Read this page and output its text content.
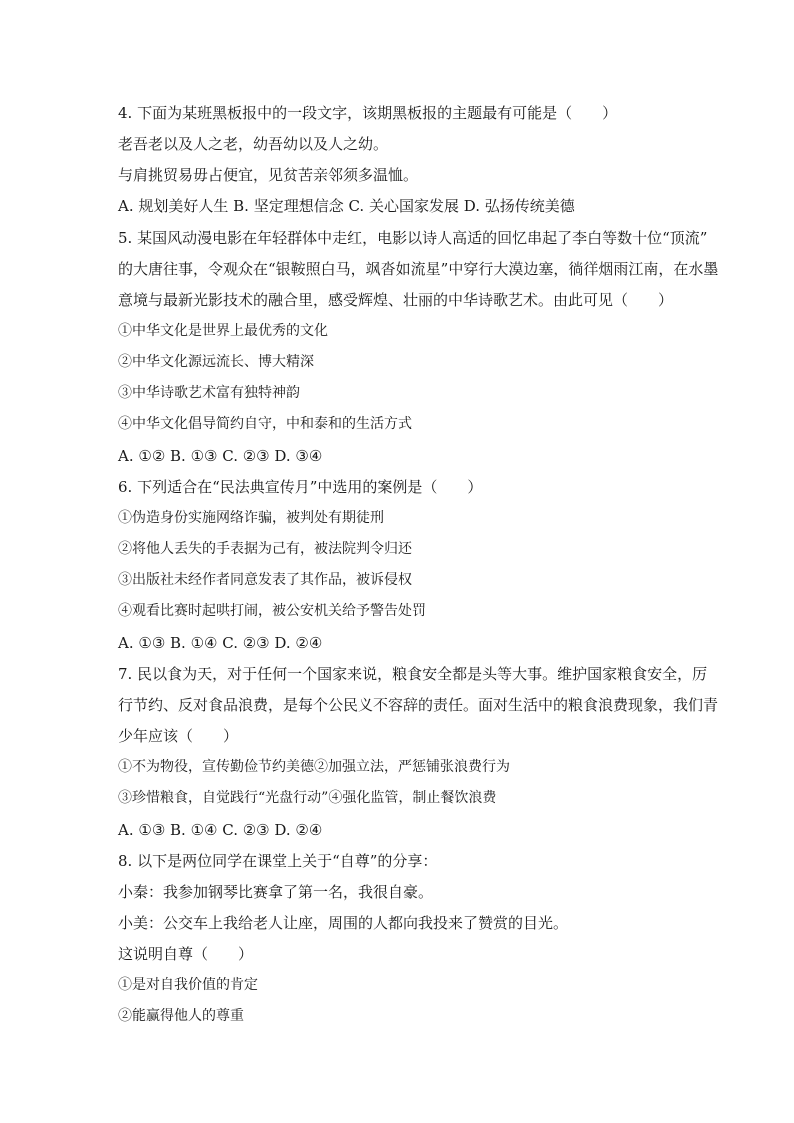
4. 下面为某班黑板报中的一段文字，该期黑板报的主题最有可能是（　　）
老吾老以及人之老，幼吾幼以及人之幼。
与肩挑贸易毋占便宜，见贫苦亲邻须多温恤。
A. 规划美好人生 B. 坚定理想信念 C. 关心国家发展 D. 弘扬传统美德
5. 某国风动漫电影在年轻群体中走红，电影以诗人高适的回忆串起了李白等数十位“顶流”
的大唐往事，令观众在“银鞍照白马，飒沓如流星”中穿行大漠边塞，徜徉烟雨江南，在水墨
意境与最新光影技术的融合里，感受辉煌、壮丽的中华诗歌艺术。由此可见（　　）
①中华文化是世界上最优秀的文化
②中华文化源远流长、博大精深
③中华诗歌艺术富有独特神韵
④中华文化倡导简约自守，中和泰和的生活方式
A. ①② B. ①③ C. ②③ D. ③④
6. 下列适合在“民法典宣传月”中选用的案例是（　　）
①伪造身份实施网络诈骗，被判处有期徒刑
②将他人丢失的手表据为己有，被法院判令归还
③出版社未经作者同意发表了其作品，被诉侵权
④观看比赛时起哄打闹，被公安机关给予警告处罚
A. ①③ B. ①④ C. ②③ D. ②④
7. 民以食为天，对于任何一个国家来说，粮食安全都是头等大事。维护国家粮食安全，厉
行节约、反对食品浪费，是每个公民义不容辞的责任。面对生活中的粮食浪费现象，我们青
少年应该（　　）
①不为物役，宣传勤俭节约美德②加强立法，严惩铺张浪费行为
③珍惜粮食，自觉践行“光盘行动”④强化监管，制止餐饮浪费
A. ①③ B. ①④ C. ②③ D. ②④
8. 以下是两位同学在课堂上关于“自尊”的分享：
小秦：我参加钢琴比赛拿了第一名，我很自豪。
小美：公交车上我给老人让座，周围的人都向我投来了赞赏的目光。
这说明自尊（　　）
①是对自我价值的肯定
②能赢得他人的尊重
